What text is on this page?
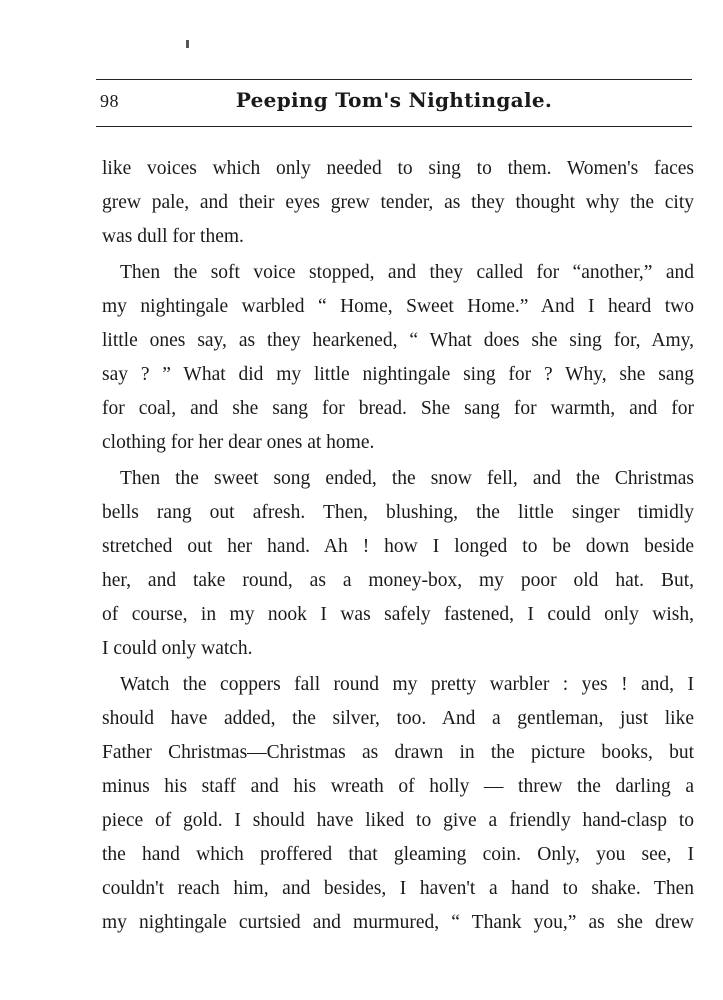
98	Peeping Tom's Nightingale.
like voices which only needed to sing to them. Women's faces
grew pale, and their eyes grew tender, as they thought why the city
was dull for them.
Then the soft voice stopped, and they called for “another,” and
my nightingale warbled “ Home, Sweet Home.” And I heard two
little ones say, as they hearkened, “ What does she sing for, Amy,
say ? ” What did my little nightingale sing for ? Why, she sang
for coal, and she sang for bread. She sang for warmth, and for
clothing for her dear ones at home.
Then the sweet song ended, the snow fell, and the Christmas
bells rang out afresh. Then, blushing, the little singer timidly
stretched out her hand. Ah ! how I longed to be down beside
her, and take round, as a money-box, my poor old hat. But,
of course, in my nook I was safely fastened, I could only wish,
I could only watch.
Watch the coppers fall round my pretty warbler : yes ! and, I
should have added, the silver, too. And a gentleman, just like
Father Christmas—Christmas as drawn in the picture books, but
minus his staff and his wreath of holly — threw the darling a
piece of gold. I should have liked to give a friendly hand-clasp to
the hand which proffered that gleaming coin. Only, you see, I
couldn't reach him, and besides, I haven't a hand to shake. Then
my nightingale curtsied and murmured, “ Thank you,” as she drew
